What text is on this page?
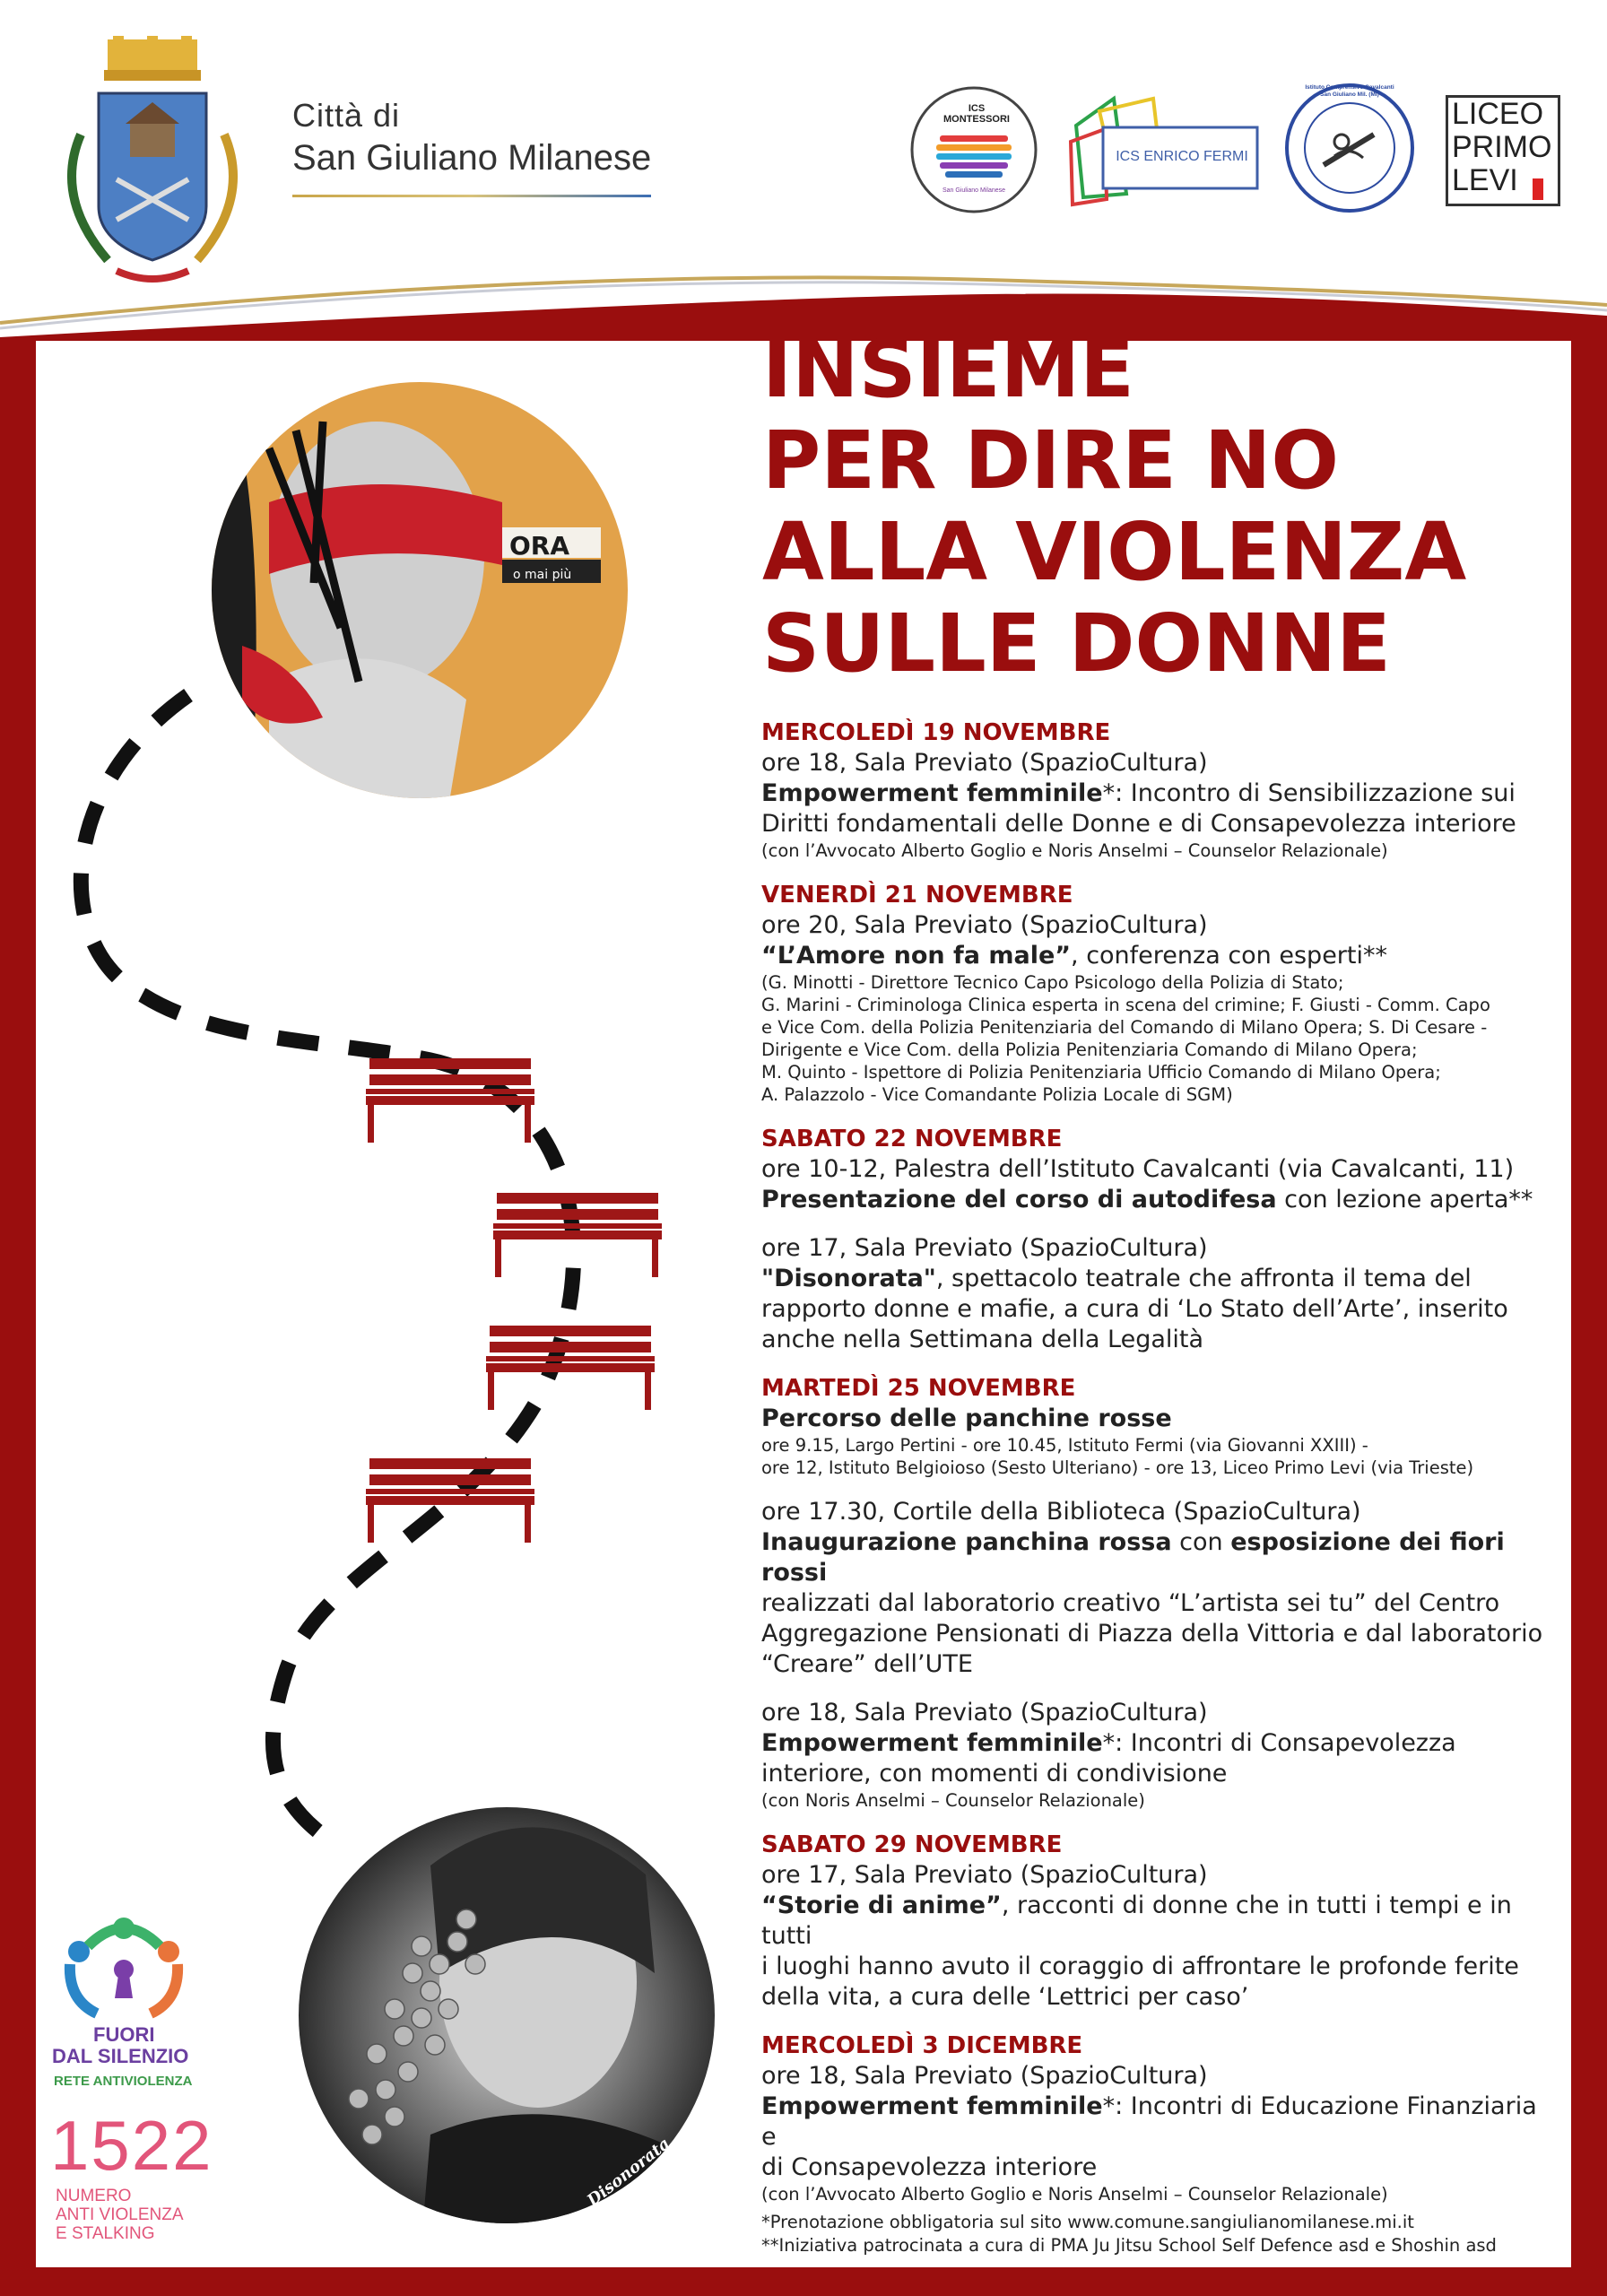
Città di
San Giuliano Milanese
ICS MONTESSORI
San Giuliano Milanese
ICS ENRICO FERMI
Istituto Comprensivo Cavalcanti San Giuliano Mil. (MI)
LICEO
PRIMO
LEVI
INSIEME
PER DIRE NO
ALLA VIOLENZA
SULLE DONNE
ORA
o mai più
Disonorata
FUORI
DAL SILENZIO
RETE ANTIVIOLENZA
1522
NUMERO
ANTI VIOLENZA
E STALKING
MERCOLEDÌ 19 NOVEMBRE
ore 18, Sala Previato (SpazioCultura)
Empowerment femminile*: Incontro di Sensibilizzazione sui
Diritti fondamentali delle Donne e di Consapevolezza interiore
(con l’Avvocato Alberto Goglio e Noris Anselmi – Counselor Relazionale)
VENERDÌ 21 NOVEMBRE
ore 20, Sala Previato (SpazioCultura)
“L’Amore non fa male”, conferenza con esperti**
(G. Minotti - Direttore Tecnico Capo Psicologo della Polizia di Stato;
G. Marini - Criminologa Clinica esperta in scena del crimine; F. Giusti - Comm. Capo
e Vice Com. della Polizia Penitenziaria del Comando di Milano Opera; S. Di Cesare -
Dirigente e Vice Com. della Polizia Penitenziaria Comando di Milano Opera;
M. Quinto - Ispettore di Polizia Penitenziaria Ufficio Comando di Milano Opera;
A. Palazzolo - Vice Comandante Polizia Locale di SGM)
SABATO 22 NOVEMBRE
ore 10-12, Palestra dell’Istituto Cavalcanti (via Cavalcanti, 11)
Presentazione del corso di autodifesa con lezione aperta**
ore 17, Sala Previato (SpazioCultura)
"Disonorata", spettacolo teatrale che affronta il tema del
rapporto donne e mafie, a cura di ‘Lo Stato dell’Arte’, inserito
anche nella Settimana della Legalità
MARTEDÌ 25 NOVEMBRE
Percorso delle panchine rosse
ore 9.15, Largo Pertini - ore 10.45, Istituto Fermi (via Giovanni XXIII) -
ore 12, Istituto Belgioioso (Sesto Ulteriano) - ore 13, Liceo Primo Levi (via Trieste)
ore 17.30, Cortile della Biblioteca (SpazioCultura)
Inaugurazione panchina rossa con esposizione dei fiori rossi
realizzati dal laboratorio creativo “L’artista sei tu” del Centro
Aggregazione Pensionati di Piazza della Vittoria e dal laboratorio
“Creare” dell’UTE
ore 18, Sala Previato (SpazioCultura)
Empowerment femminile*: Incontri di Consapevolezza
interiore, con momenti di condivisione
(con Noris Anselmi – Counselor Relazionale)
SABATO 29 NOVEMBRE
ore 17, Sala Previato (SpazioCultura)
“Storie di anime”, racconti di donne che in tutti i tempi e in tutti
i luoghi hanno avuto il coraggio di affrontare le profonde ferite
della vita, a cura delle ‘Lettrici per caso’
MERCOLEDÌ 3 DICEMBRE
ore 18, Sala Previato (SpazioCultura)
Empowerment femminile*: Incontri di Educazione Finanziaria e
di Consapevolezza interiore
(con l’Avvocato Alberto Goglio e Noris Anselmi – Counselor Relazionale)
*Prenotazione obbligatoria sul sito www.comune.sangiulianomilanese.mi.it
**Iniziativa patrocinata a cura di PMA Ju Jitsu School Self Defence asd e Shoshin asd
